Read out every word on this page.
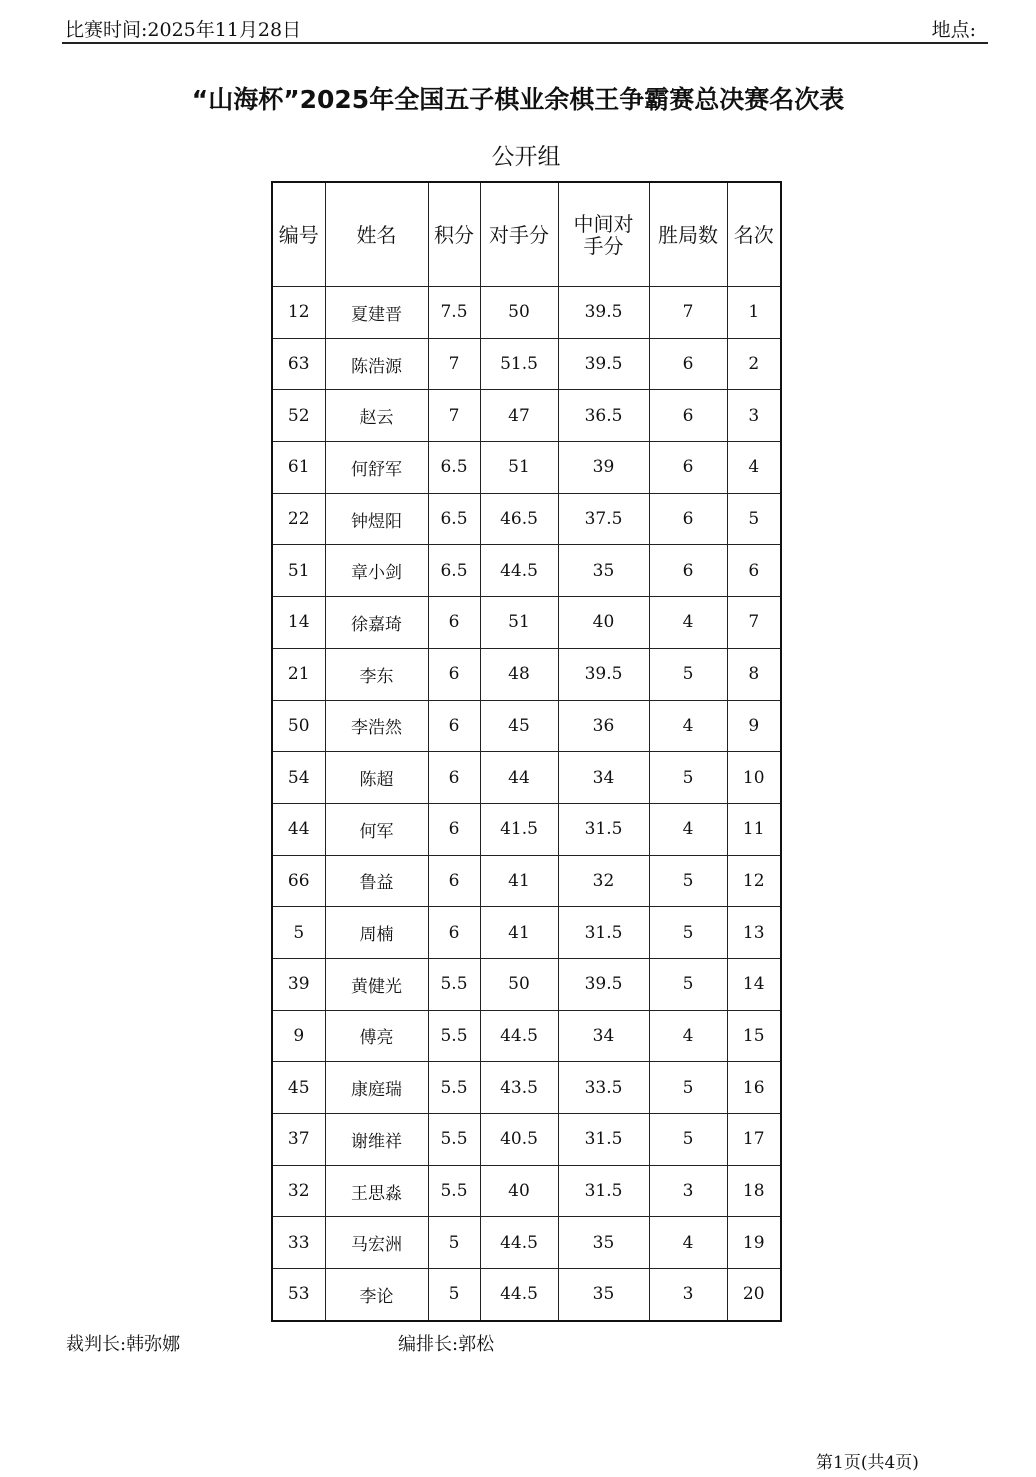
比赛时间:2025年11月28日	地点:
“山海杯”2025年全国五子棋业余棋王争霸赛总决赛名次表
公开组
编号	姓名	积分	对手分	中间对手分	胜局数	名次
12	夏建晋	7.5	50	39.5	7	1
63	陈浩源	7	51.5	39.5	6	2
52	赵云	7	47	36.5	6	3
61	何舒军	6.5	51	39	6	4
22	钟煜阳	6.5	46.5	37.5	6	5
51	章小剑	6.5	44.5	35	6	6
14	徐嘉琦	6	51	40	4	7
21	李东	6	48	39.5	5	8
50	李浩然	6	45	36	4	9
54	陈超	6	44	34	5	10
44	何军	6	41.5	31.5	4	11
66	鲁益	6	41	32	5	12
5	周楠	6	41	31.5	5	13
39	黄健光	5.5	50	39.5	5	14
9	傅亮	5.5	44.5	34	4	15
45	康庭瑞	5.5	43.5	33.5	5	16
37	谢维祥	5.5	40.5	31.5	5	17
32	王思淼	5.5	40	31.5	3	18
33	马宏洲	5	44.5	35	4	19
53	李论	5	44.5	35	3	20
裁判长:韩弥娜	编排长:郭松
第1页(共4页)
